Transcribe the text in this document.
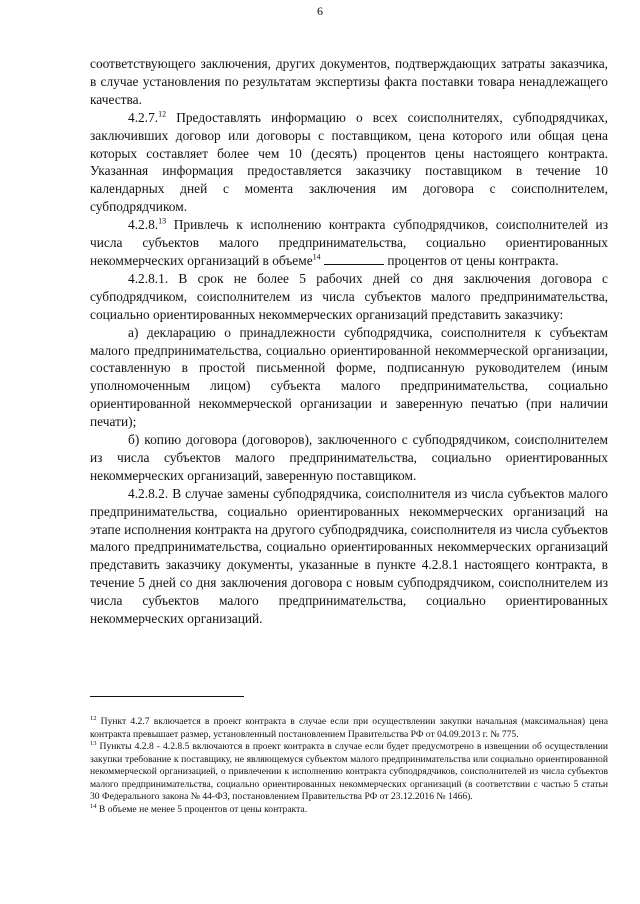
6

соответствующего заключения, других документов, подтверждающих затраты заказчика, в случае установления по результатам экспертизы факта поставки товара ненадлежащего качества.

4.2.7.12 Предоставлять информацию о всех соисполнителях, субподрядчиках, заключивших договор или договоры с поставщиком, цена которого или общая цена которых составляет более чем 10 (десять) процентов цены настоящего контракта. Указанная информация предоставляется заказчику поставщиком в течение 10 календарных дней с момента заключения им договора с соисполнителем, субподрядчиком.

4.2.8.13 Привлечь к исполнению контракта субподрядчиков, соисполнителей из числа субъектов малого предпринимательства, социально ориентированных некоммерческих организаций в объеме$^{14}$	процентов от цены контракта.

4.2.8.1. В срок не более 5 рабочих дней со дня заключения договора с субподрядчиком, соисполнителем из числа субъектов малого предпринимательства, социально ориентированных некоммерческих организаций представить заказчику:

а) декларацию о принадлежности субподрядчика, соисполнителя к субъектам малого предпринимательства, социально ориентированной некоммерческой организации, составленную в простой письменной форме, подписанную руководителем (иным уполномоченным лицом) субъекта малого предпринимательства, социально ориентированной некоммерческой организации и заверенную печатью (при наличии печати);

б) копию договора (договоров), заключенного с субподрядчиком, соисполнителем из числа субъектов малого предпринимательства, социально ориентированных некоммерческих организаций, заверенную поставщиком.

4.2.8.2. В случае замены субподрядчика, соисполнителя из числа субъектов малого предпринимательства, социально ориентированных некоммерческих организаций на этапе исполнения контракта на другого субподрядчика, соисполнителя из числа субъектов малого предпринимательства, социально ориентированных некоммерческих организаций представить заказчику документы, указанные в пункте 4.2.8.1 настоящего контракта, в течение 5 дней со дня заключения договора с новым субподрядчиком, соисполнителем из числа субъектов малого предпринимательства, социально ориентированных некоммерческих организаций.

$^{12}$ Пункт 4.2.7 включается в проект контракта в случае если при осуществлении закупки начальная (максимальная) цена контракта превышает размер, установленный постановлением Правительства РФ от 04.09.2013 г. № 775.

$^{13}$ Пункты 4.2.8 - 4.2.8.5 включаются в проект контракта в случае если будет предусмотрено в извещении об осуществлении закупки требование к поставщику, не являющемуся субъектом малого предпринимательства или социально ориентированной некоммерческой организацией, о привлечении к исполнению контракта субподрядчиков, соисполнителей из числа субъектов малого предпринимательства, социально ориентированных некоммерческих организаций (в соответствии с частью 5 статьи 30 Федерального закона № 44-ФЗ, постановлением Правительства РФ от 23.12.2016 № 1466).

$^{14}$ В объеме не менее 5 процентов от цены контракта.
